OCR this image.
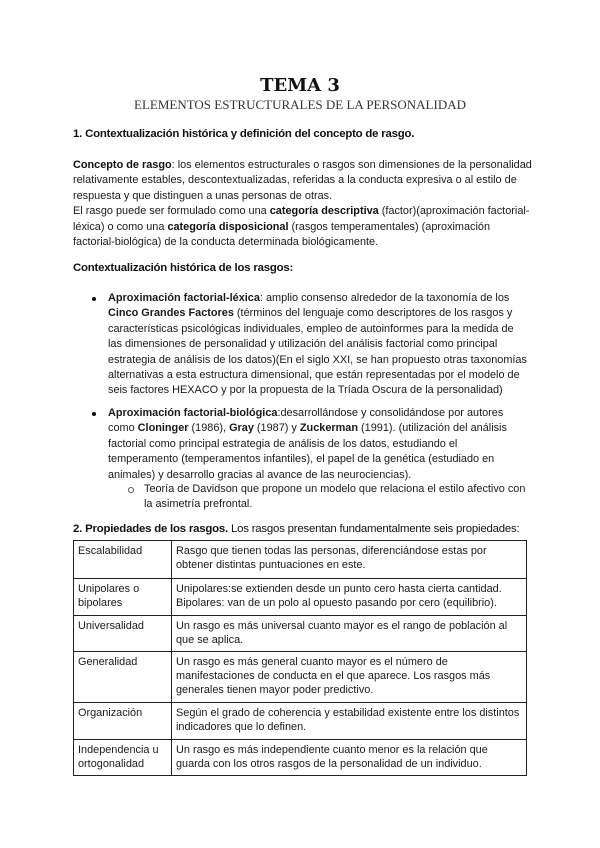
TEMA 3
ELEMENTOS ESTRUCTURALES DE LA PERSONALIDAD
1. Contextualización histórica y definición del concepto de rasgo.
Concepto de rasgo: los elementos estructurales o rasgos son dimensiones de la personalidad relativamente estables, descontextualizadas, referidas a la conducta expresiva o al estilo de respuesta y que distinguen a unas personas de otras.
El rasgo puede ser formulado como una categoría descriptiva (factor)(aproximación factorial-léxica) o como una categoría disposicional (rasgos temperamentales) (aproximación factorial-biológica) de la conducta determinada biológicamente.
Contextualización histórica de los rasgos:
Aproximación factorial-léxica: amplio consenso alrededor de la taxonomía de los Cinco Grandes Factores (términos del lenguaje como descriptores de los rasgos y características psicológicas individuales, empleo de autoinformes para la medida de las dimensiones de personalidad y utilización del análisis factorial como principal estrategia de análisis de los datos)(En el siglo XXI, se han propuesto otras taxonomías alternativas a esta estructura dimensional, que están representadas por el modelo de seis factores HEXACO y por la propuesta de la Tríada Oscura de la personalidad)
Aproximación factorial-biológica:desarrollándose y consolidándose por autores como Cloninger (1986), Gray (1987) y Zuckerman (1991). (utilización del análisis factorial como principal estrategia de análisis de los datos, estudiando el temperamento (temperamentos infantiles), el papel de la genética (estudiado en animales) y desarrollo gracias al avance de las neurociencias).
Teoría de Davidson que propone un modelo que relaciona el estilo afectivo con la asimetría prefrontal.
2. Propiedades de los rasgos. Los rasgos presentan fundamentalmente seis propiedades:
Escalabilidad	Rasgo que tienen todas las personas, diferenciándose estas por obtener distintas puntuaciones en este.
Unipolares o bipolares	Unipolares:se extienden desde un punto cero hasta cierta cantidad. Bipolares: van de un polo al opuesto pasando por cero (equilibrio).
Universalidad	Un rasgo es más universal cuanto mayor es el rango de población al que se aplica.
Generalidad	Un rasgo es más general cuanto mayor es el número de manifestaciones de conducta en el que aparece. Los rasgos más generales tienen mayor poder predictivo.
Organización	Según el grado de coherencia y estabilidad existente entre los distintos indicadores que lo definen.
Independencia u ortogonalidad	Un rasgo es más independiente cuanto menor es la relación que guarda con los otros rasgos de la personalidad de un individuo.
